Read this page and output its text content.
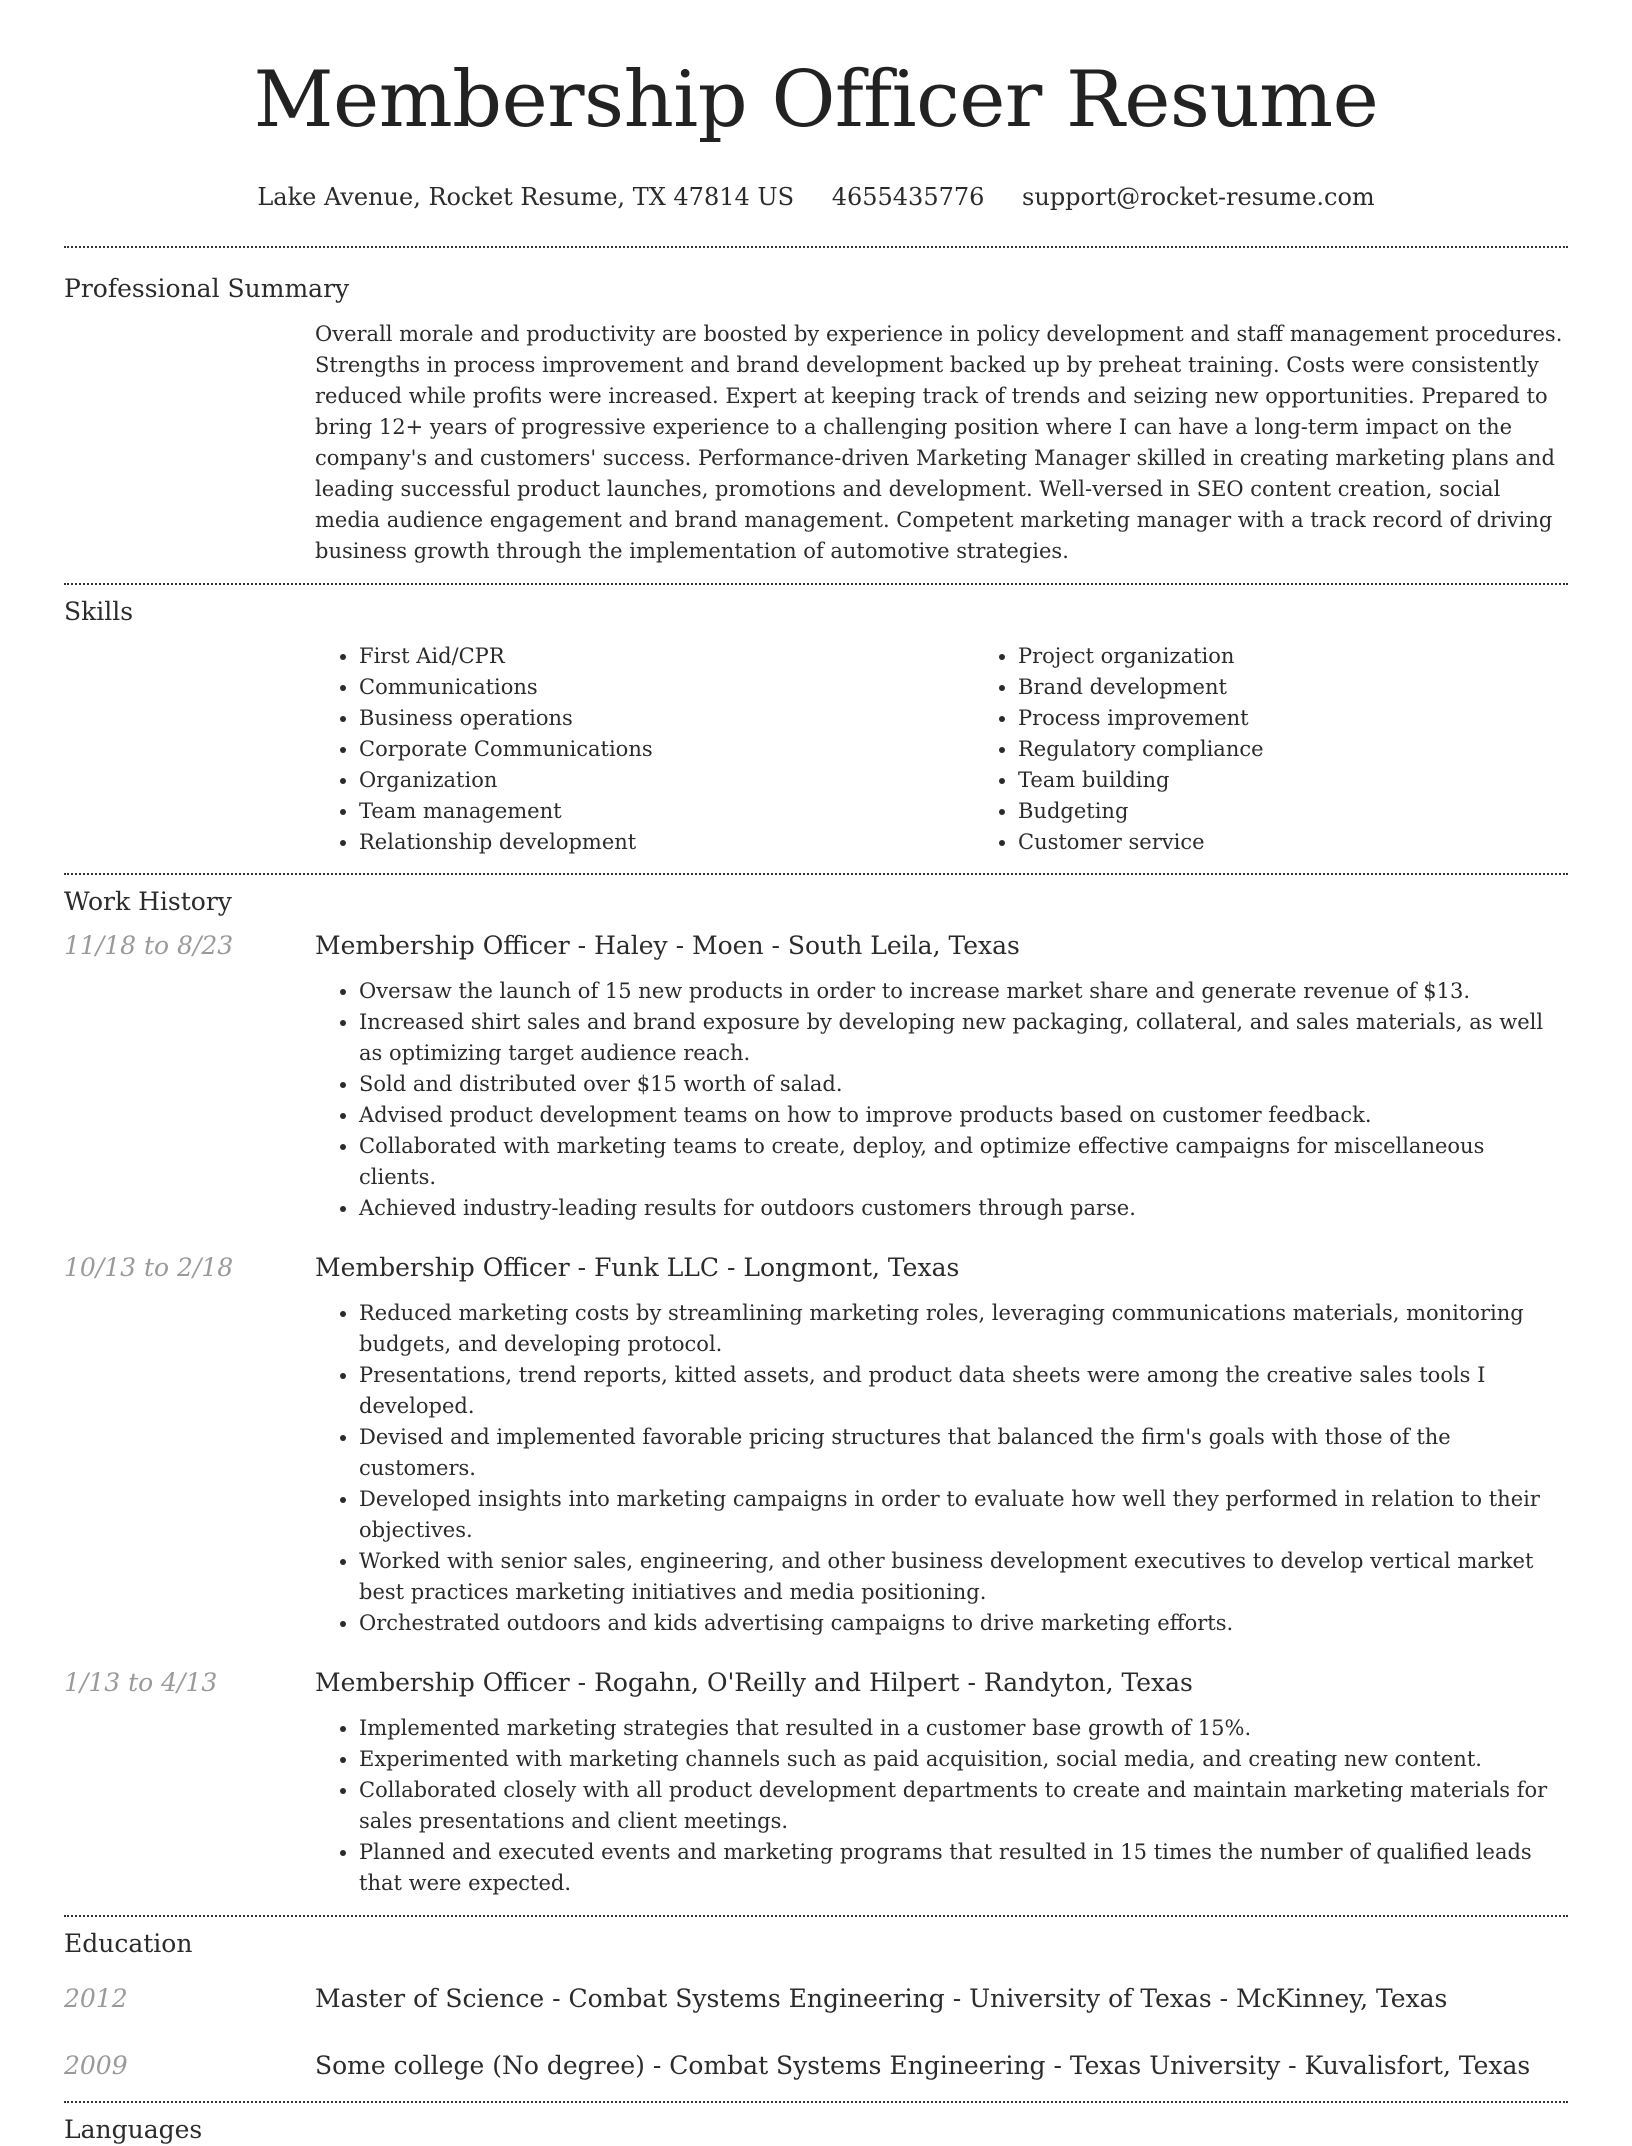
Membership Officer Resume
Lake Avenue, Rocket Resume, TX 47814 US 4655435776 support@rocket-resume.com
Professional Summary

Overall morale and productivity are boosted by experience in policy development and staff management procedures. Strengths in process improvement and brand development backed up by preheat training. Costs were consistently reduced while profits were increased. Expert at keeping track of trends and seizing new opportunities. Prepared to bring 12+ years of progressive experience to a challenging position where I can have a long-term impact on the company's and customers' success. Performance-driven Marketing Manager skilled in creating marketing plans and leading successful product launches, promotions and development. Well-versed in SEO content creation, social media audience engagement and brand management. Competent marketing manager with a track record of driving business growth through the implementation of automotive strategies.

Skills
• First Aid/CPR
• Communications
• Business operations
• Corporate Communications
• Organization
• Team management
• Relationship development
• Project organization
• Brand development
• Process improvement
• Regulatory compliance
• Team building
• Budgeting
• Customer service
Work History
11/18 to 8/23	Membership Officer - Haley - Moen - South Leila, Texas
• Oversaw the launch of 15 new products in order to increase market share and generate revenue of $13.
• Increased shirt sales and brand exposure by developing new packaging, collateral, and sales materials, as well as optimizing target audience reach.
• Sold and distributed over $15 worth of salad.
• Advised product development teams on how to improve products based on customer feedback.
• Collaborated with marketing teams to create, deploy, and optimize effective campaigns for miscellaneous clients.
• Achieved industry-leading results for outdoors customers through parse.
10/13 to 2/18	Membership Officer - Funk LLC - Longmont, Texas
• Reduced marketing costs by streamlining marketing roles, leveraging communications materials, monitoring budgets, and developing protocol.
• Presentations, trend reports, kitted assets, and product data sheets were among the creative sales tools I developed.
• Devised and implemented favorable pricing structures that balanced the firm's goals with those of the customers.
• Developed insights into marketing campaigns in order to evaluate how well they performed in relation to their objectives.
• Worked with senior sales, engineering, and other business development executives to develop vertical market best practices marketing initiatives and media positioning.
• Orchestrated outdoors and kids advertising campaigns to drive marketing efforts.
1/13 to 4/13	Membership Officer - Rogahn, O'Reilly and Hilpert - Randyton, Texas
• Implemented marketing strategies that resulted in a customer base growth of 15%.
• Experimented with marketing channels such as paid acquisition, social media, and creating new content.
• Collaborated closely with all product development departments to create and maintain marketing materials for sales presentations and client meetings.
• Planned and executed events and marketing programs that resulted in 15 times the number of qualified leads that were expected.
Education
2012	Master of Science - Combat Systems Engineering - University of Texas - McKinney, Texas
2009	Some college (No degree) - Combat Systems Engineering - Texas University - Kuvalisfort, Texas
Languages
